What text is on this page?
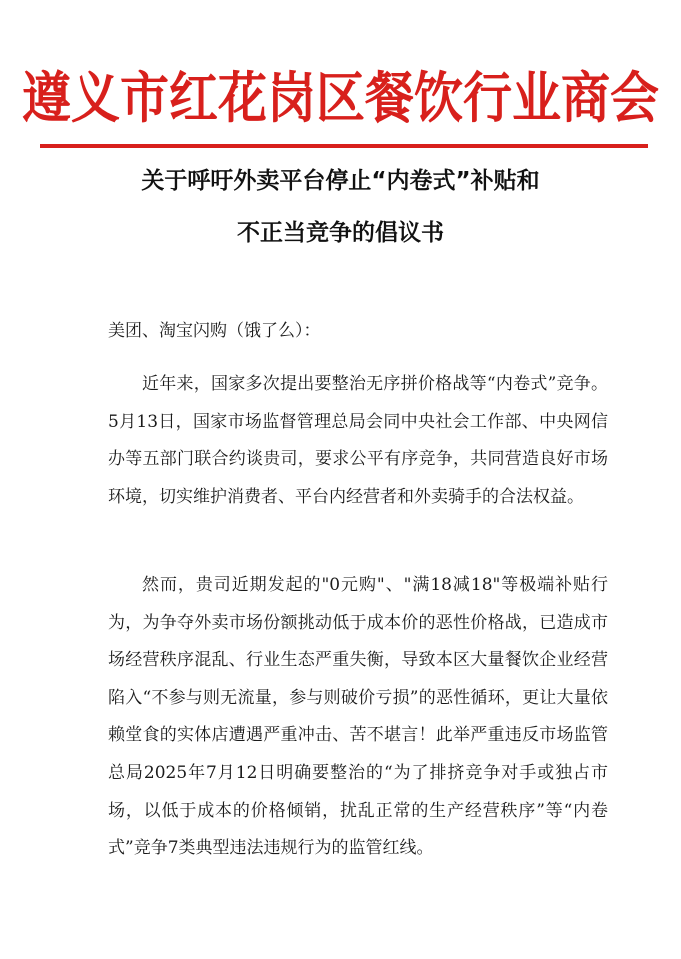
遵义市红花岗区餐饮行业商会
关于呼吁外卖平台停止“内卷式”补贴和
不正当竞争的倡议书
美团、淘宝闪购（饿了么）：

近年来，国家多次提出要整治无序拼价格战等“内卷式”竞争。5月13日，国家市场监督管理总局会同中央社会工作部、中央网信办等五部门联合约谈贵司，要求公平有序竞争，共同营造良好市场环境，切实维护消费者、平台内经营者和外卖骑手的合法权益。

然而，贵司近期发起的"0元购"、"满18减18"等极端补贴行为，为争夺外卖市场份额挑动低于成本价的恶性价格战，已造成市场经营秩序混乱、行业生态严重失衡，导致本区大量餐饮企业经营陷入“不参与则无流量，参与则破价亏损”的恶性循环，更让大量依赖堂食的实体店遭遇严重冲击、苦不堪言！此举严重违反市场监管总局2025年7月12日明确要整治的“为了排挤竞争对手或独占市场，以低于成本的价格倾销，扰乱正常的生产经营秩序”等“内卷式”竞争7类典型违法违规行为的监管红线。
